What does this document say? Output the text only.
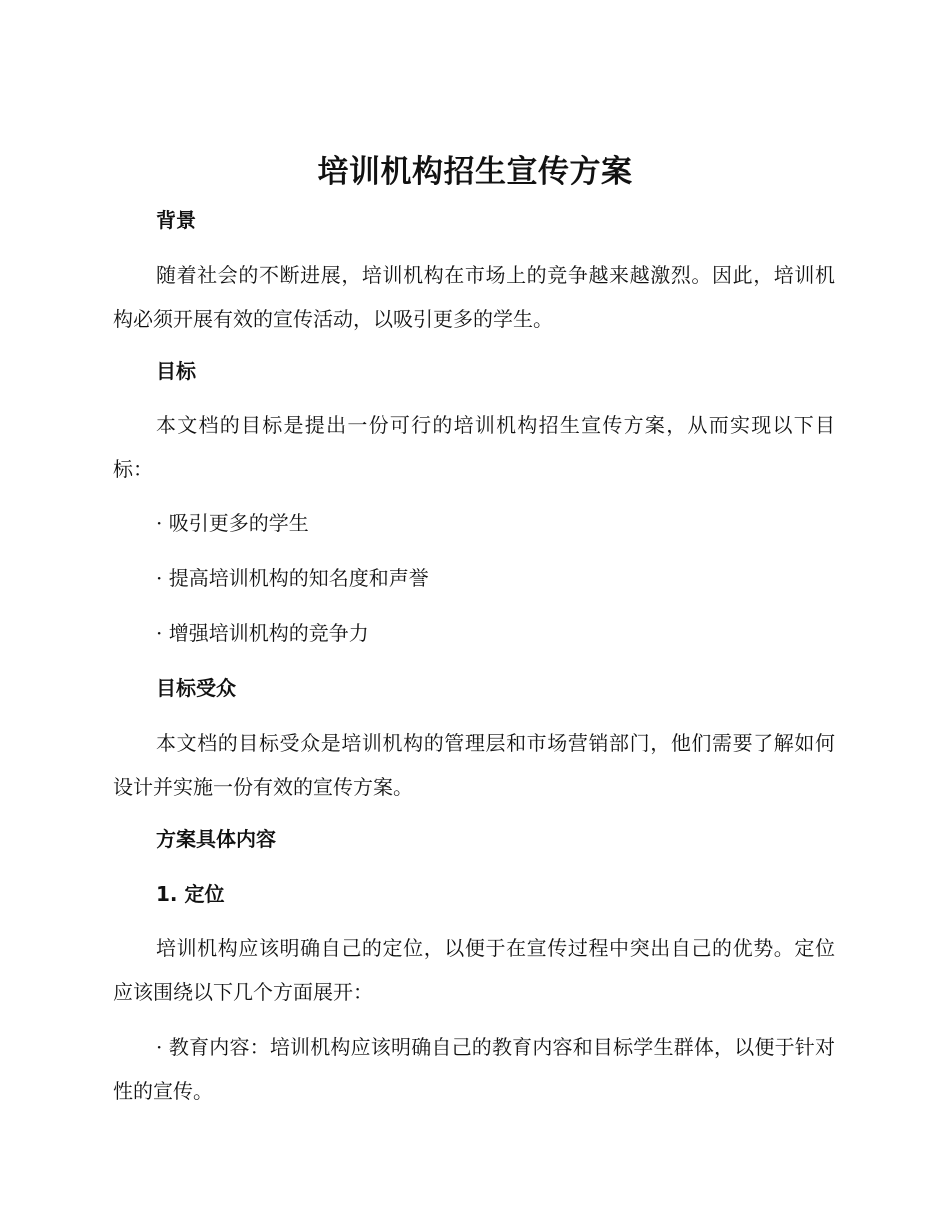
培训机构招生宣传方案
背景

随着社会的不断进展，培训机构在市场上的竞争越来越激烈。因此，培训机构必须开展有效的宣传活动，以吸引更多的学生。

目标

本文档的目标是提出一份可行的培训机构招生宣传方案，从而实现以下目标：

· 吸引更多的学生

· 提高培训机构的知名度和声誉

· 增强培训机构的竞争力

目标受众

本文档的目标受众是培训机构的管理层和市场营销部门，他们需要了解如何设计并实施一份有效的宣传方案。

方案具体内容
1. 定位

培训机构应该明确自己的定位，以便于在宣传过程中突出自己的优势。定位应该围绕以下几个方面展开：

· 教育内容：培训机构应该明确自己的教育内容和目标学生群体，以便于针对性的宣传。
